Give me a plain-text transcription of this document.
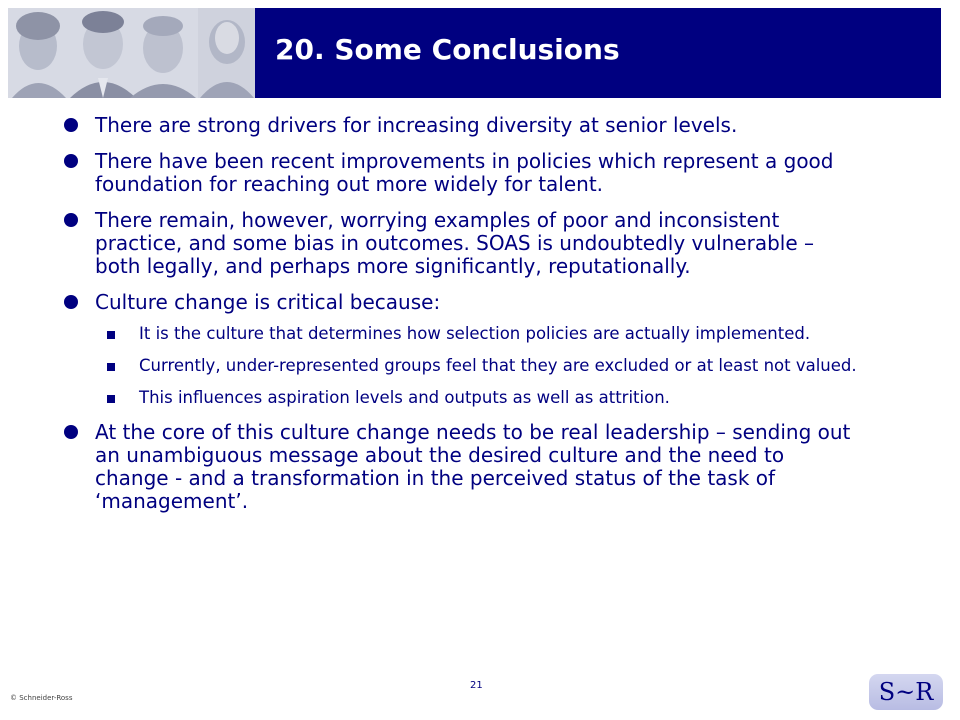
20. Some Conclusions
There are strong drivers for increasing diversity at senior levels.
There have been recent improvements in policies which represent a good foundation for reaching out more widely for talent.
There remain, however, worrying examples of poor and inconsistent practice, and some bias in outcomes. SOAS is undoubtedly vulnerable – both legally, and perhaps more significantly, reputationally.
Culture change is critical because:
It is the culture that determines how selection policies are actually implemented.
Currently, under-represented groups feel that they are excluded or at least not valued.
This influences aspiration levels and outputs as well as attrition.
At the core of this culture change needs to be real leadership – sending out an unambiguous message about the desired culture and the need to change - and a transformation in the perceived status of the task of ‘management’.
© Schneider-Ross
21	S~R
